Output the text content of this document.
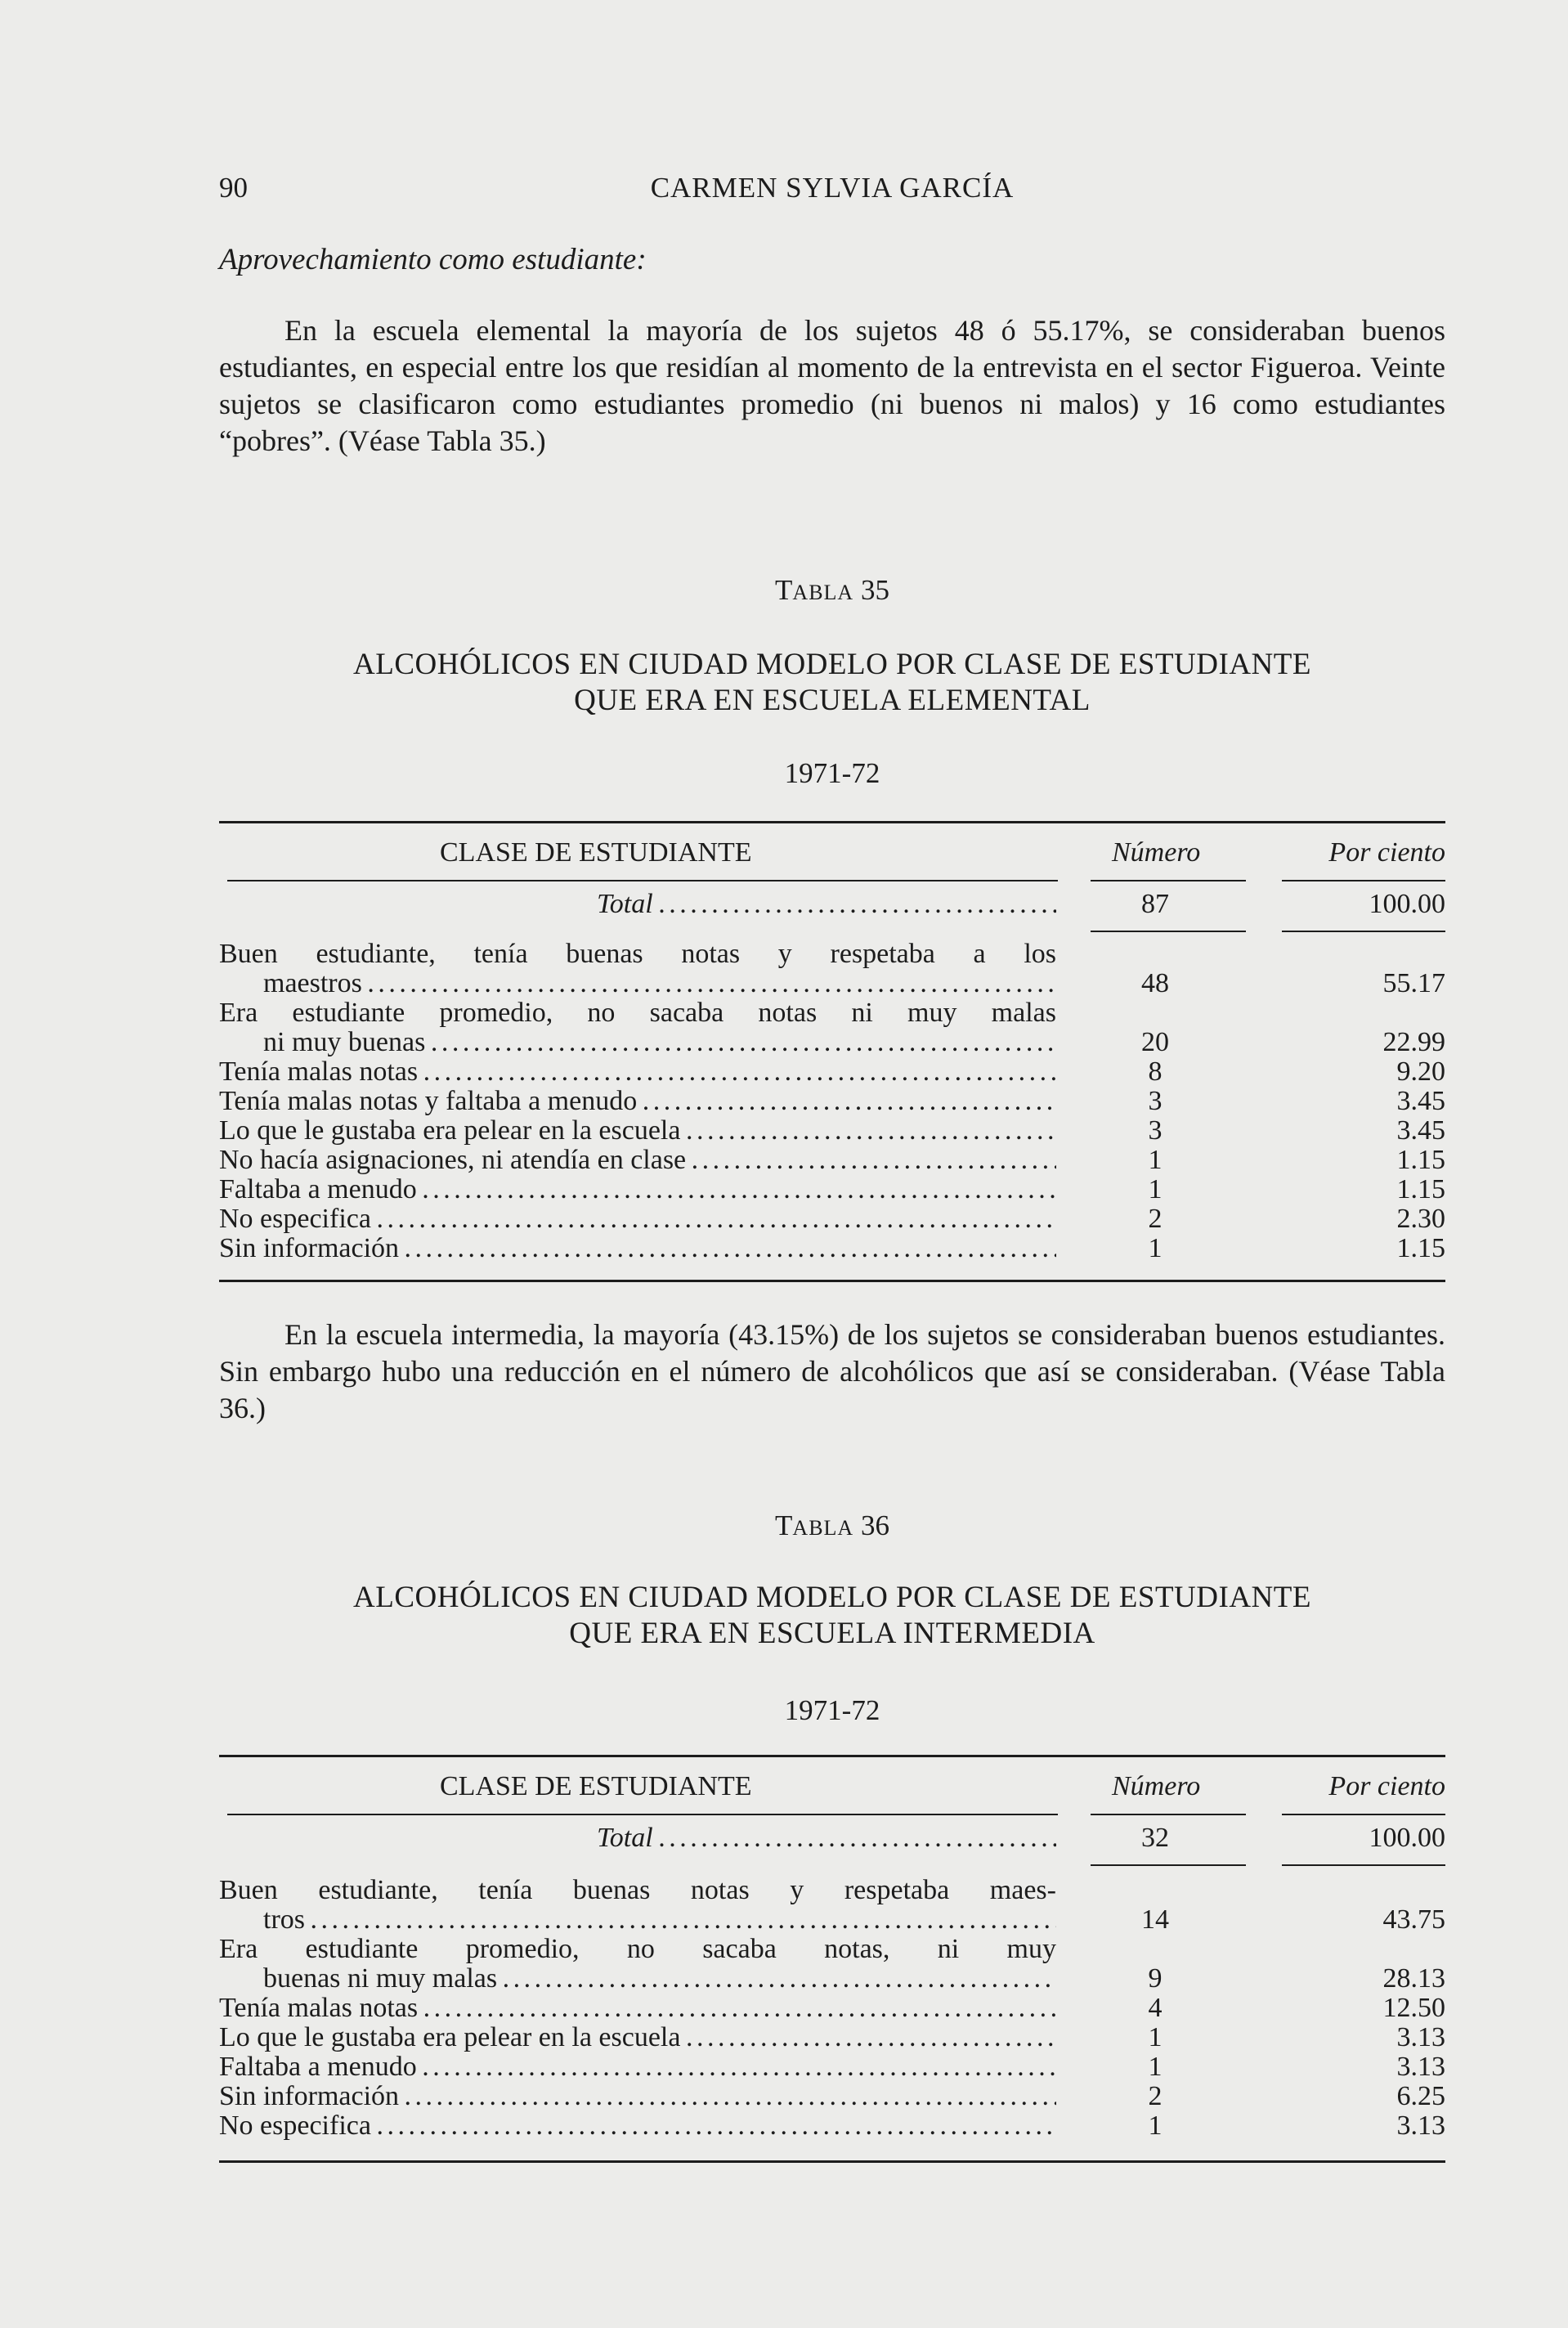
90	CARMEN SYLVIA GARCÍA
Aprovechamiento como estudiante:

En la escuela elemental la mayoría de los sujetos 48 ó 55.17%, se consideraban buenos estudiantes, en especial entre los que residían al momento de la entrevista en el sector Figueroa. Veinte sujetos se clasificaron como estudiantes promedio (ni buenos ni malos) y 16 como estudiantes “pobres”. (Véase Tabla 35.)

TABLA 35
ALCOHÓLICOS EN CIUDAD MODELO POR CLASE DE ESTUDIANTE
QUE ERA EN ESCUELA ELEMENTAL
1971-72
CLASE DE ESTUDIANTE	Número	Por ciento
Total . . .	87	100.00
Buen estudiante, tenía buenas notas y respetaba a los
maestros . . .	48	55.17
Era estudiante promedio, no sacaba notas ni muy malas
ni muy buenas . . .	20	22.99
Tenía malas notas . . .	8	9.20
Tenía malas notas y faltaba a menudo . . .	3	3.45
Lo que le gustaba era pelear en la escuela . . .	3	3.45
No hacía asignaciones, ni atendía en clase . . .	1	1.15
Faltaba a menudo . . .	1	1.15
No especifica . . .	2	2.30
Sin información . . .	1	1.15

En la escuela intermedia, la mayoría (43.15%) de los sujetos se consideraban buenos estudiantes. Sin embargo hubo una reducción en el número de alcohólicos que así se consideraban. (Véase Tabla 36.)

TABLA 36
ALCOHÓLICOS EN CIUDAD MODELO POR CLASE DE ESTUDIANTE
QUE ERA EN ESCUELA INTERMEDIA
1971-72
CLASE DE ESTUDIANTE	Número	Por ciento
Total . . .	32	100.00
Buen estudiante, tenía buenas notas y respetaba maes-
tros . . .	14	43.75
Era estudiante promedio, no sacaba notas, ni muy
buenas ni muy malas . . .	9	28.13
Tenía malas notas . . .	4	12.50
Lo que le gustaba era pelear en la escuela . . .	1	3.13
Faltaba a menudo . . .	1	3.13
Sin información . . .	2	6.25
No especifica . . .	1	3.13
